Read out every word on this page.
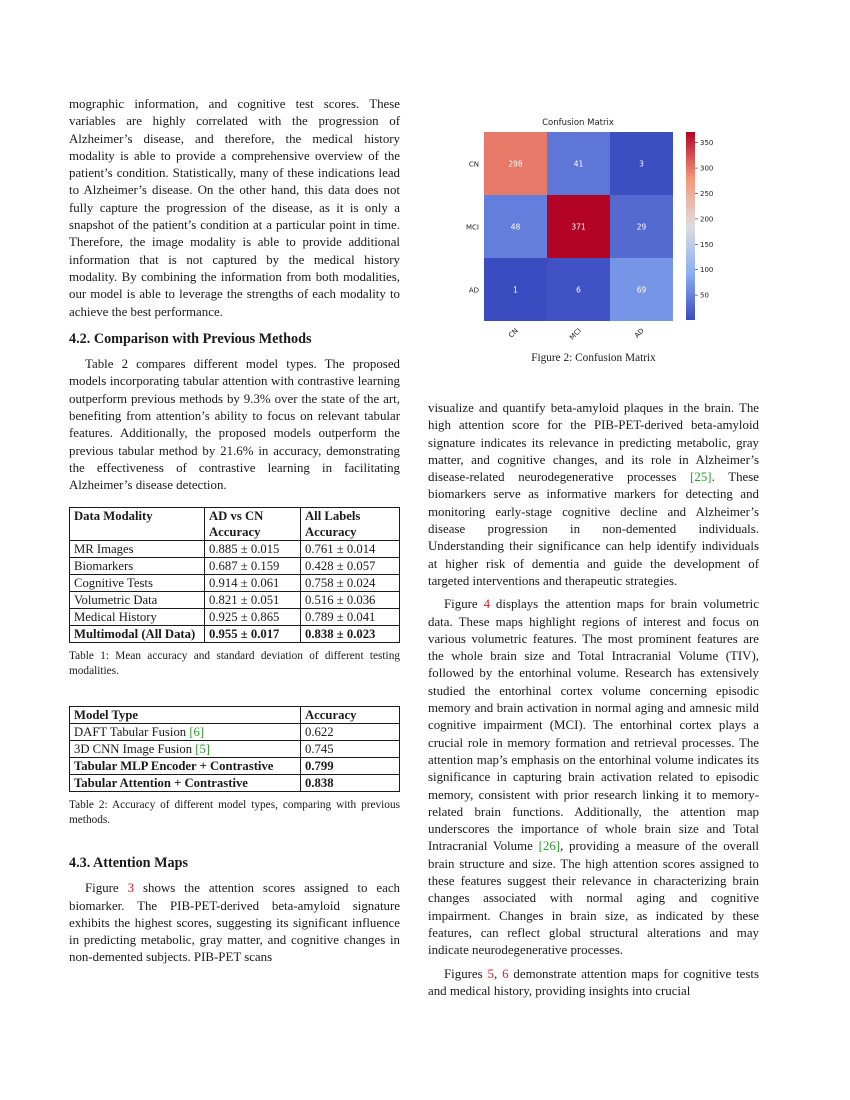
mographic information, and cognitive test scores. These variables are highly correlated with the progression of Alzheimer’s disease, and therefore, the medical history modality is able to provide a comprehensive overview of the patient’s condition. Statistically, many of these indications lead to Alzheimer’s disease. On the other hand, this data does not fully capture the progression of the disease, as it is only a snapshot of the patient’s condition at a particular point in time. Therefore, the image modality is able to provide additional information that is not captured by the medical history modality. By combining the information from both modalities, our model is able to leverage the strengths of each modality to achieve the best performance.

4.2. Comparison with Previous Methods

Table 2 compares different model types. The proposed models incorporating tabular attention with contrastive learning outperform previous methods by 9.3% over the state of the art, benefiting from attention’s ability to focus on relevant tabular features. Additionally, the proposed models outperform the previous tabular method by 21.6% in accuracy, demonstrating the effectiveness of contrastive learning in facilitating Alzheimer’s disease detection.

Data Modality	AD vs CN Accuracy	All Labels Accuracy
MR Images	0.885 ± 0.015	0.761 ± 0.014
Biomarkers	0.687 ± 0.159	0.428 ± 0.057
Cognitive Tests	0.914 ± 0.061	0.758 ± 0.024
Volumetric Data	0.821 ± 0.051	0.516 ± 0.036
Medical History	0.925 ± 0.865	0.789 ± 0.041
Multimodal (All Data)	0.955 ± 0.017	0.838 ± 0.023

Table 1: Mean accuracy and standard deviation of different testing modalities.

Model Type	Accuracy
DAFT Tabular Fusion [6]	0.622
3D CNN Image Fusion [5]	0.745
Tabular MLP Encoder + Contrastive	0.799
Tabular Attention + Contrastive	0.838

Table 2: Accuracy of different model types, comparing with previous methods.

4.3. Attention Maps

Figure 3 shows the attention scores assigned to each biomarker. The PIB-PET-derived beta-amyloid signature exhibits the highest scores, suggesting its significant influence in predicting metabolic, gray matter, and cognitive changes in non-demented subjects. PIB-PET scans

Confusion Matrix
298	41	3
48	371	29
1	6	69
CN
MCI
AD
CN	MCI	AD
50
100
150
200
250
300
350
Figure 2: Confusion Matrix

visualize and quantify beta-amyloid plaques in the brain. The high attention score for the PIB-PET-derived beta-amyloid signature indicates its relevance in predicting metabolic, gray matter, and cognitive changes, and its role in Alzheimer’s disease-related neurodegenerative processes [25]. These biomarkers serve as informative markers for detecting and monitoring early-stage cognitive decline and Alzheimer’s disease progression in non-demented individuals. Understanding their significance can help identify individuals at higher risk of dementia and guide the development of targeted interventions and therapeutic strategies.

Figure 4 displays the attention maps for brain volumetric data. These maps highlight regions of interest and focus on various volumetric features. The most prominent features are the whole brain size and Total Intracranial Volume (TIV), followed by the entorhinal volume. Research has extensively studied the entorhinal cortex volume concerning episodic memory and brain activation in normal aging and amnesic mild cognitive impairment (MCI). The entorhinal cortex plays a crucial role in memory formation and retrieval processes. The attention map’s emphasis on the entorhinal volume indicates its significance in capturing brain activation related to episodic memory, consistent with prior research linking it to memory-related brain functions. Additionally, the attention map underscores the importance of whole brain size and Total Intracranial Volume [26], providing a measure of the overall brain structure and size. The high attention scores assigned to these features suggest their relevance in characterizing brain changes associated with normal aging and cognitive impairment. Changes in brain size, as indicated by these features, can reflect global structural alterations and may indicate neurodegenerative processes.

Figures 5, 6 demonstrate attention maps for cognitive tests and medical history, providing insights into crucial
